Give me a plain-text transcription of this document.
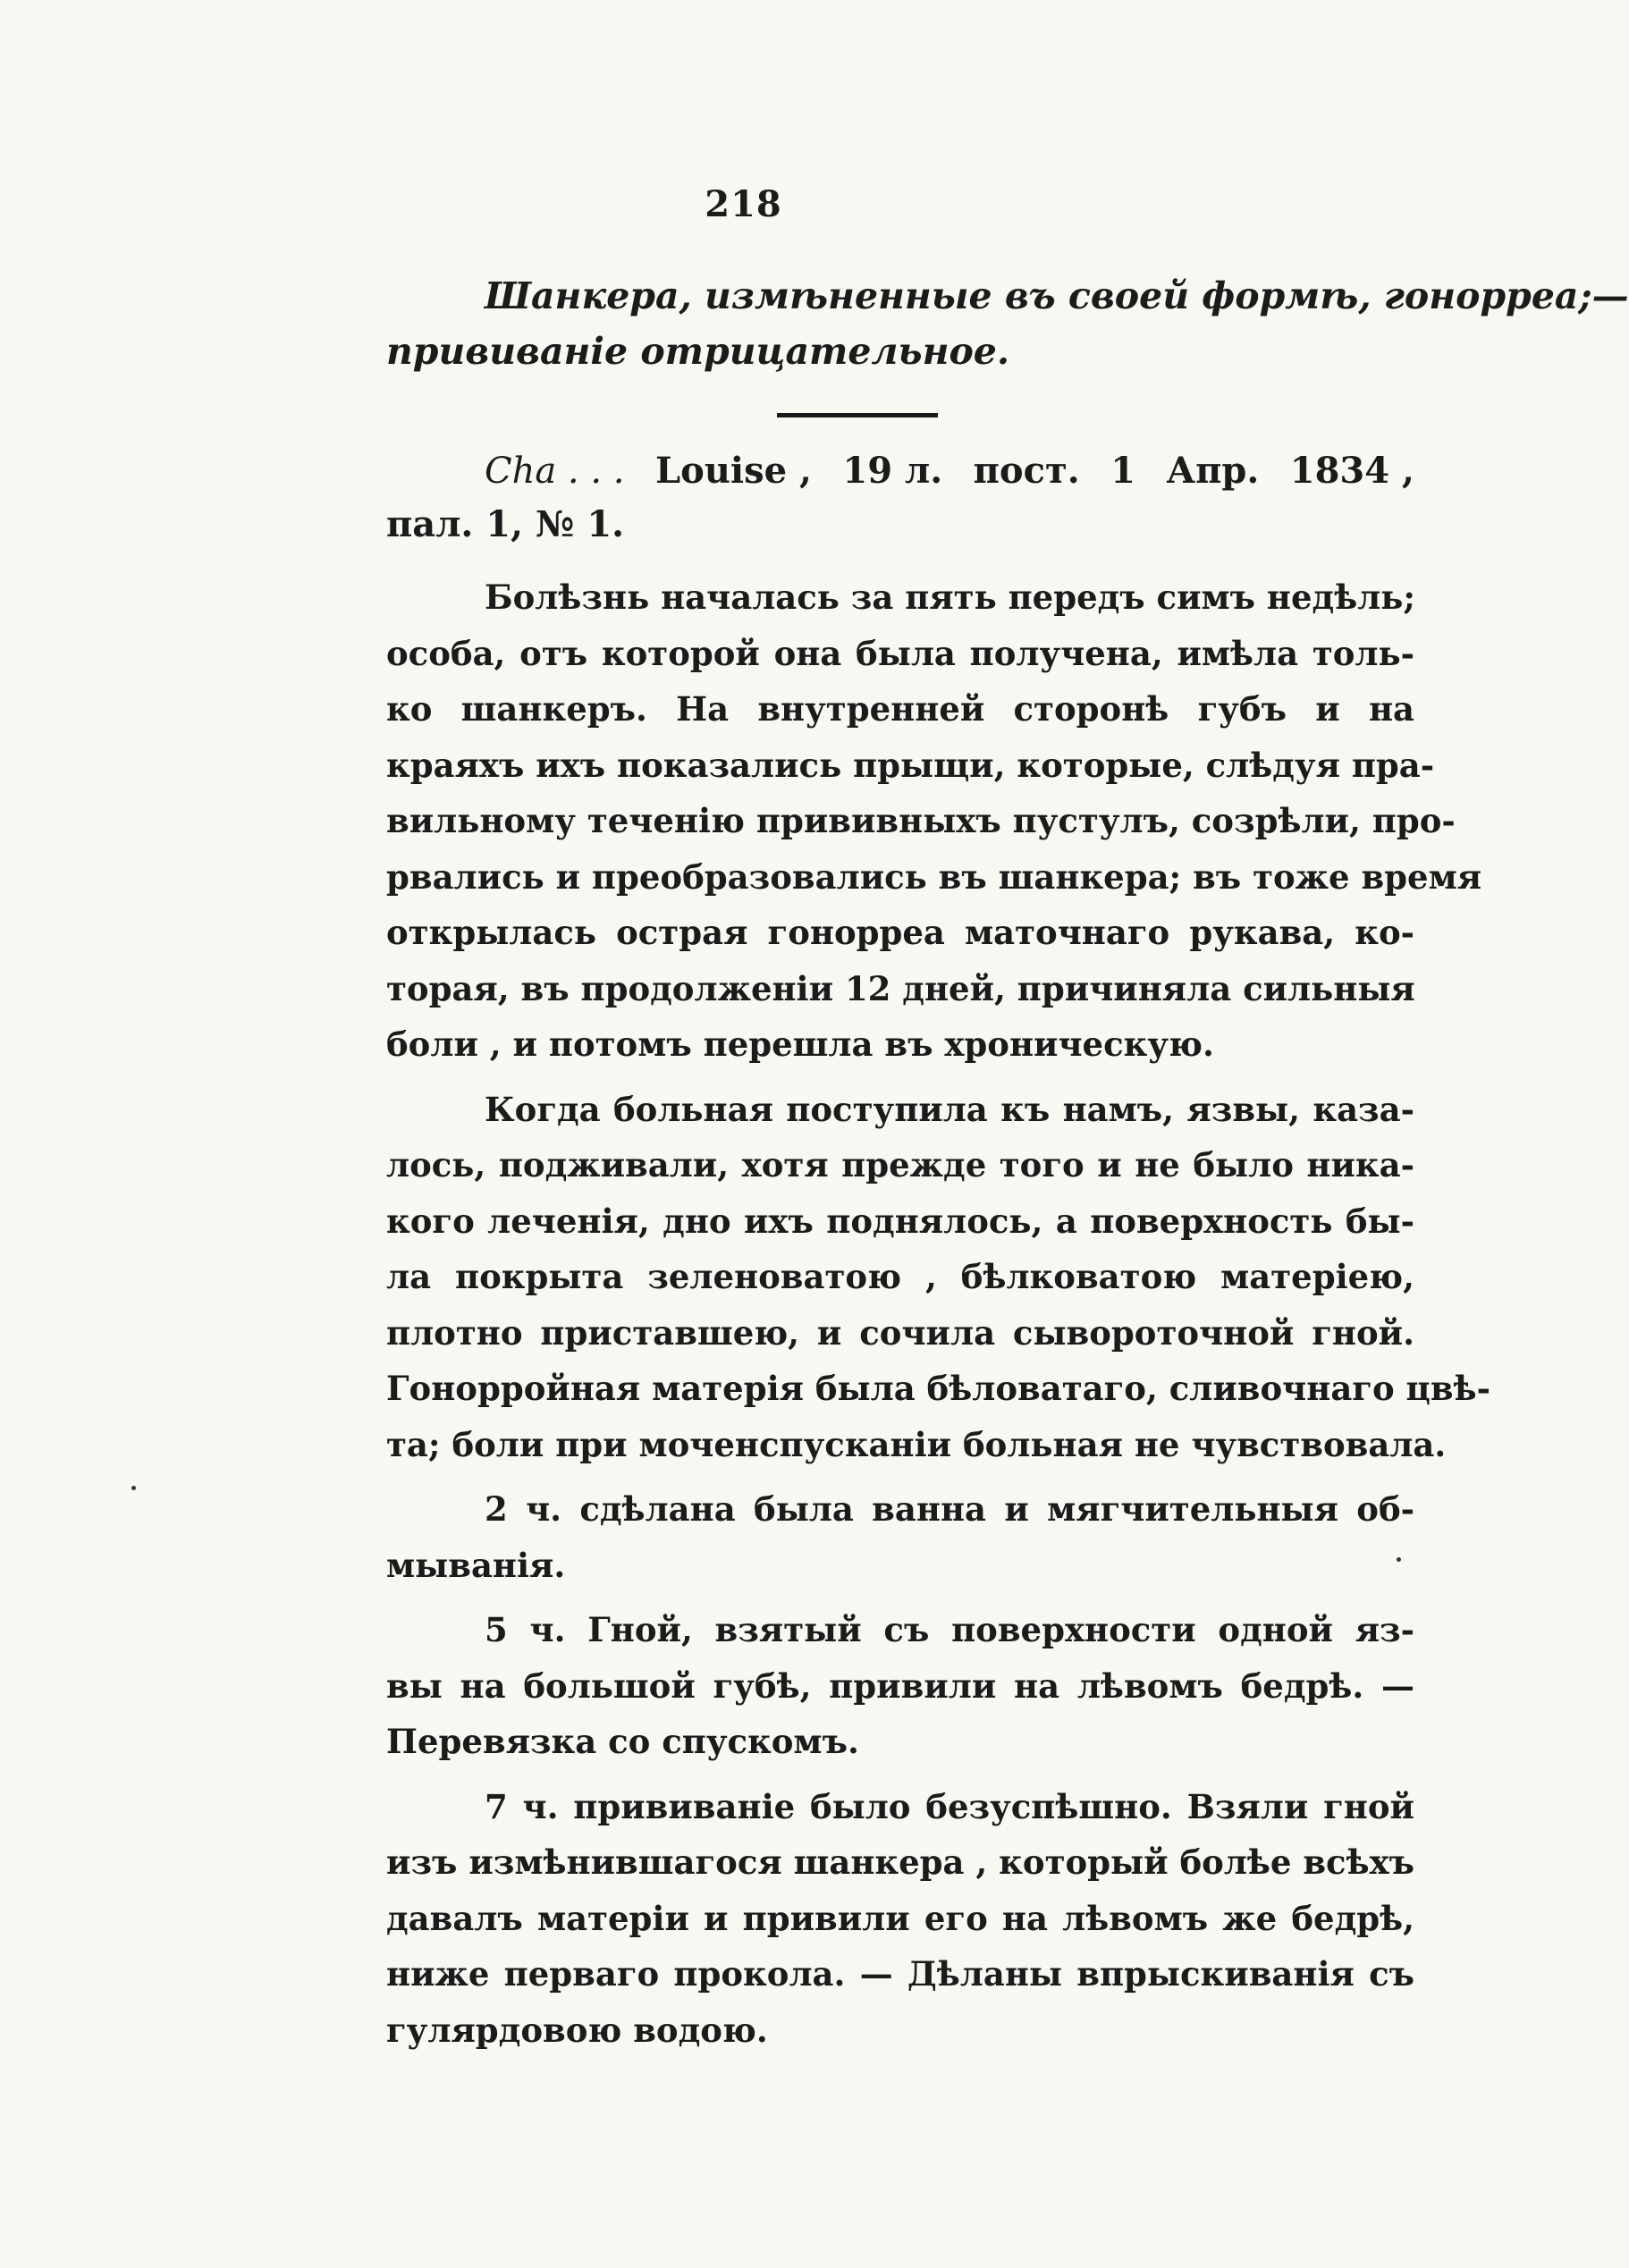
218
Шанкера, измѣненные въ своей формѣ, гонорреа;—
прививаніе отрицательное.
Cha . . . Louise , 19 л. пост. 1 Апр. 1834 ,
пал. 1, № 1.
Болѣзнь началась за пять передъ симъ недѣль;
особа, отъ которой она была получена, имѣла толь-
ко шанкеръ. На внутренней сторонѣ губъ и на
краяхъ ихъ показались прыщи, которые, слѣдуя пра-
вильному теченію прививныхъ пустулъ, созрѣли, про-
рвались и преобразовались въ шанкера; въ тоже время
открылась острая гонорреа маточнаго рукава, ко-
торая, въ продолженіи 12 дней, причиняла сильныя
боли , и потомъ перешла въ хроническую.
Когда больная поступила къ намъ, язвы, каза-
лось, подживали, хотя прежде того и не было ника-
кого леченія, дно ихъ поднялось, а поверхность бы-
ла покрыта зеленоватою , бѣлковатою матеріею,
плотно приставшею, и сочила сывороточной гной.
Гонорройная матерія была бѣловатаго, сливочнаго цвѣ-
та; боли при моченспусканіи больная не чувствовала.
2 ч. сдѣлана была ванна и мягчительныя об-
мыванія.
5 ч. Гной, взятый съ поверхности одной яз-
вы на большой губѣ, привили на лѣвомъ бедрѣ. —
Перевязка со спускомъ.
7 ч. прививаніе было безуспѣшно. Взяли гной
изъ измѣнившагося шанкера , который болѣе всѣхъ
давалъ матеріи и привили его на лѣвомъ же бедрѣ,
ниже перваго прокола. — Дѣланы впрыскиванія съ
гулярдовою водою.
